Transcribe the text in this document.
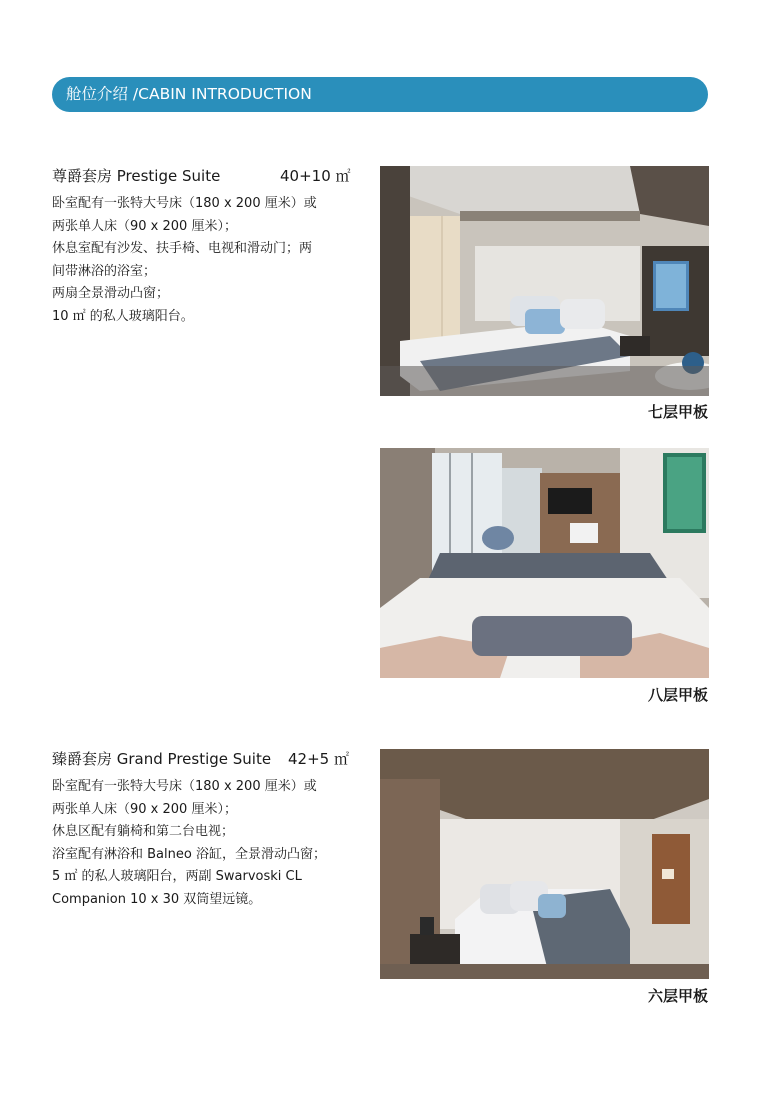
舱位介绍 /CABIN INTRODUCTION
尊爵套房 Prestige Suite	40+10 ㎡
卧室配有一张特大号床（180 x 200 厘米）或
两张单人床（90 x 200 厘米）；
休息室配有沙发、扶手椅、电视和滑动门；两
间带淋浴的浴室；
两扇全景滑动凸窗；
10 ㎡ 的私人玻璃阳台。
七层甲板
八层甲板
臻爵套房 Grand Prestige Suite 42+5 ㎡
卧室配有一张特大号床（180 x 200 厘米）或
两张单人床（90 x 200 厘米）；
休息区配有躺椅和第二台电视；
浴室配有淋浴和 Balneo 浴缸，全景滑动凸窗；
5 ㎡ 的私人玻璃阳台，两副 Swarvoski CL
Companion 10 x 30 双筒望远镜。
六层甲板
